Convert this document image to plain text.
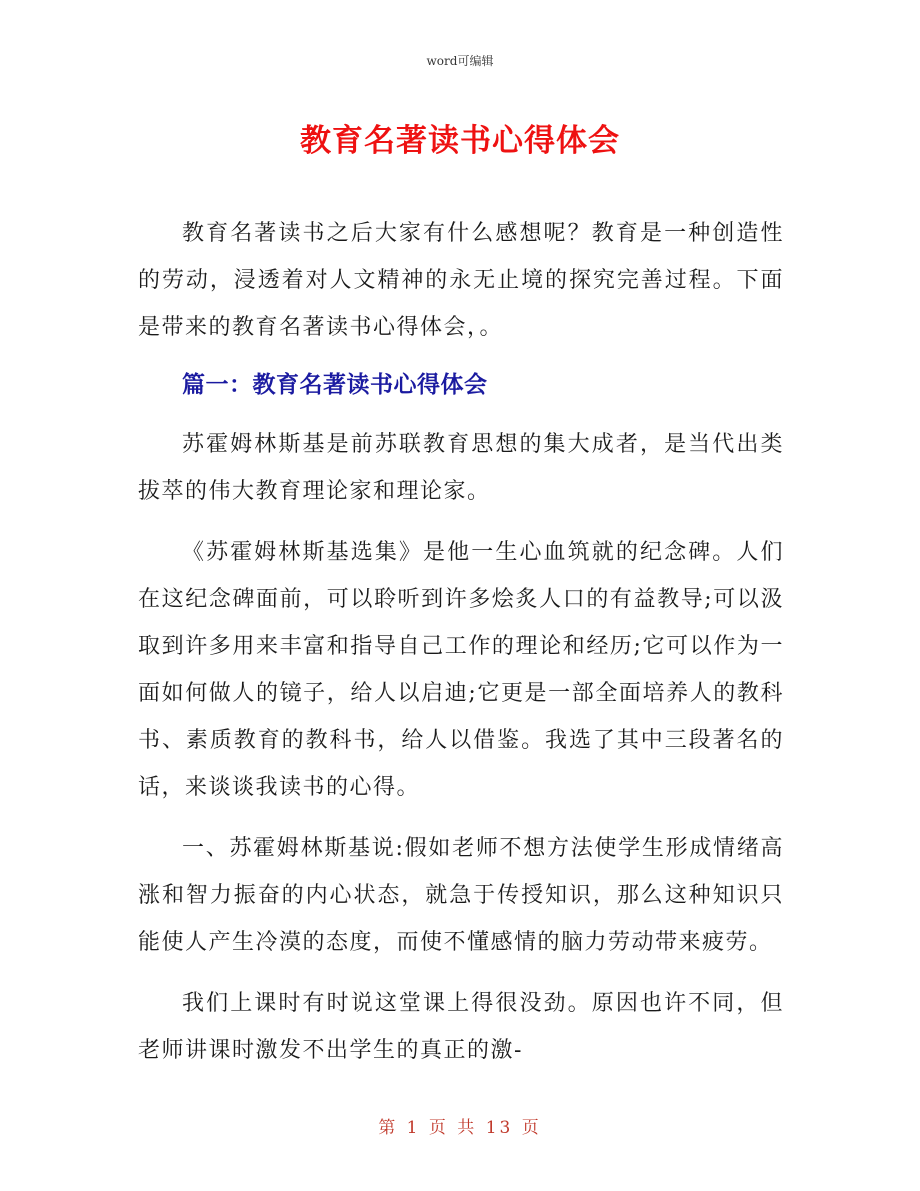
word可编辑
教育名著读书心得体会

教育名著读书之后大家有什么感想呢？教育是一种创造性的劳动，浸透着对人文精神的永无止境的探究完善过程。下面是带来的教育名著读书心得体会，。

篇一：教育名著读书心得体会

苏霍姆林斯基是前苏联教育思想的集大成者，是当代出类拔萃的伟大教育理论家和理论家。

《苏霍姆林斯基选集》是他一生心血筑就的纪念碑。人们在这纪念碑面前，可以聆听到许多烩炙人口的有益教导;可以汲取到许多用来丰富和指导自己工作的理论和经历;它可以作为一面如何做人的镜子，给人以启迪;它更是一部全面培养人的教科书、素质教育的教科书，给人以借鉴。我选了其中三段著名的话，来谈谈我读书的心得。

一、苏霍姆林斯基说:假如老师不想方法使学生形成情绪高涨和智力振奋的内心状态，就急于传授知识，那么这种知识只能使人产生冷漠的态度，而使不懂感情的脑力劳动带来疲劳。

我们上课时有时说这堂课上得很没劲。原因也许不同，但老师讲课时激发不出学生的真正的激-

第 1 页 共 13 页
